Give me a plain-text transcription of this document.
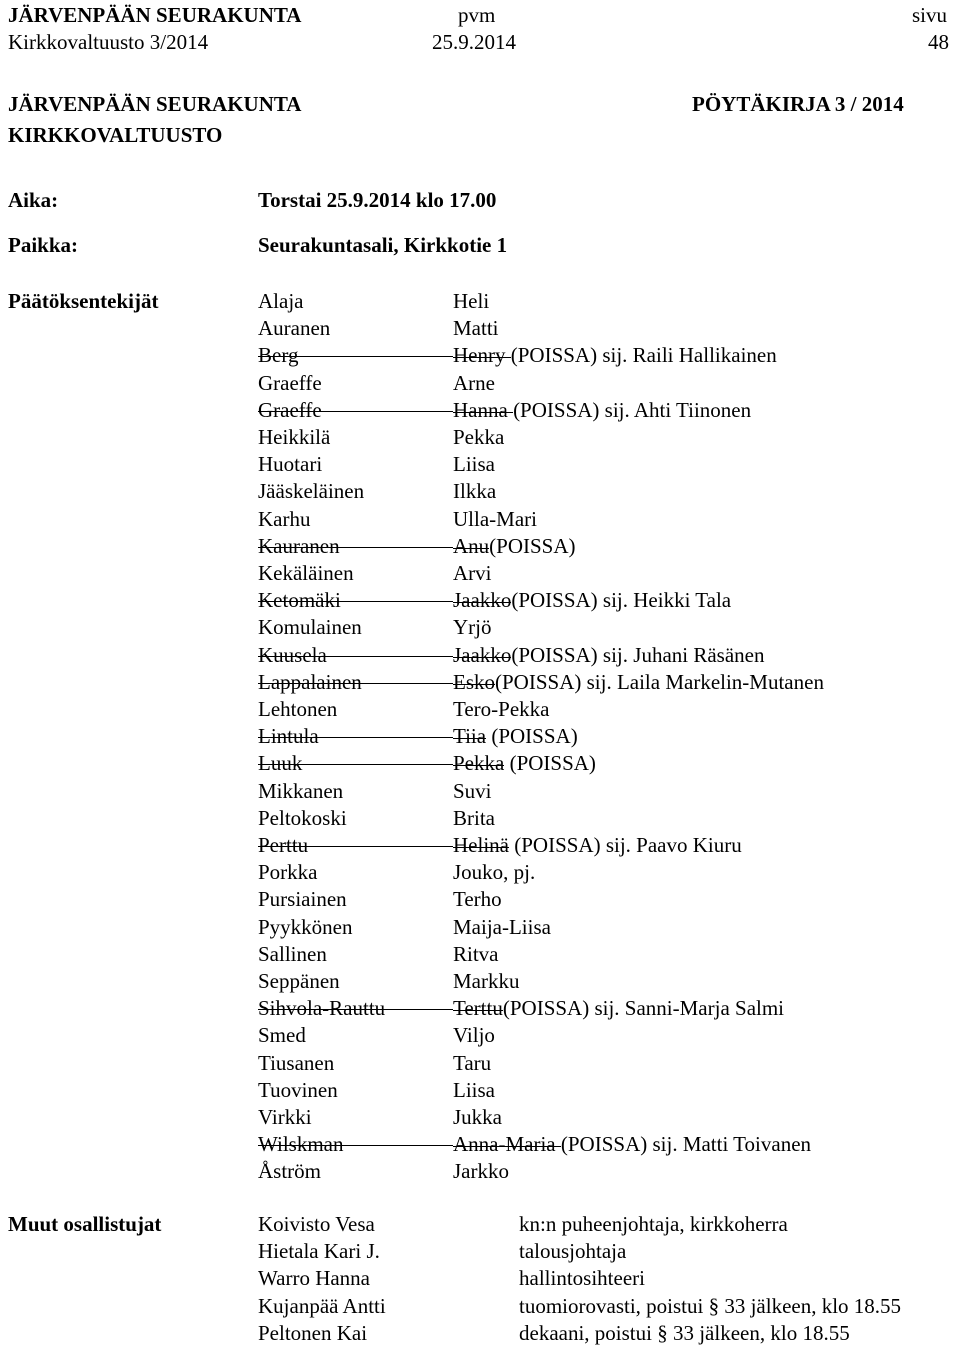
JÄRVENPÄÄN SEURAKUNTA	pvm	sivu
Kirkkovaltuusto 3/2014	25.9.2014	48
JÄRVENPÄÄN SEURAKUNTA	PÖYTÄKIRJA 3 / 2014
KIRKKOVALTUUSTO
Aika:	Torstai 25.9.2014 klo 17.00
Paikka:	Seurakuntasali, Kirkkotie 1
Päätöksentekijät	Alaja	Heli
Auranen	Matti
Berg	Henry (POISSA) sij. Raili Hallikainen
Graeffe	Arne
Graeffe	Hanna (POISSA) sij. Ahti Tiinonen
Heikkilä	Pekka
Huotari	Liisa
Jääskeläinen	Ilkka
Karhu	Ulla-Mari
Kauranen	Anu(POISSA)
Kekäläinen	Arvi
Ketomäki	Jaakko(POISSA) sij. Heikki Tala
Komulainen	Yrjö
Kuusela	Jaakko(POISSA) sij. Juhani Räsänen
Lappalainen	Esko(POISSA) sij. Laila Markelin-Mutanen
Lehtonen	Tero-Pekka
Lintula	Tiia (POISSA)
Luuk	Pekka (POISSA)
Mikkanen	Suvi
Peltokoski	Brita
Perttu	Helinä (POISSA) sij. Paavo Kiuru
Porkka	Jouko, pj.
Pursiainen	Terho
Pyykkönen	Maija-Liisa
Sallinen	Ritva
Seppänen	Markku
Sihvola-Rauttu	Terttu(POISSA) sij. Sanni-Marja Salmi
Smed	Viljo
Tiusanen	Taru
Tuovinen	Liisa
Virkki	Jukka
Wilskman	Anna-Maria (POISSA) sij. Matti Toivanen
Åström	Jarkko
Muut osallistujat	Koivisto Vesa	kn:n puheenjohtaja, kirkkoherra
Hietala Kari J.	talousjohtaja
Warro Hanna	hallintosihteeri
Kujanpää Antti	tuomiorovasti, poistui § 33 jälkeen, klo 18.55
Peltonen Kai	dekaani, poistui § 33 jälkeen, klo 18.55
